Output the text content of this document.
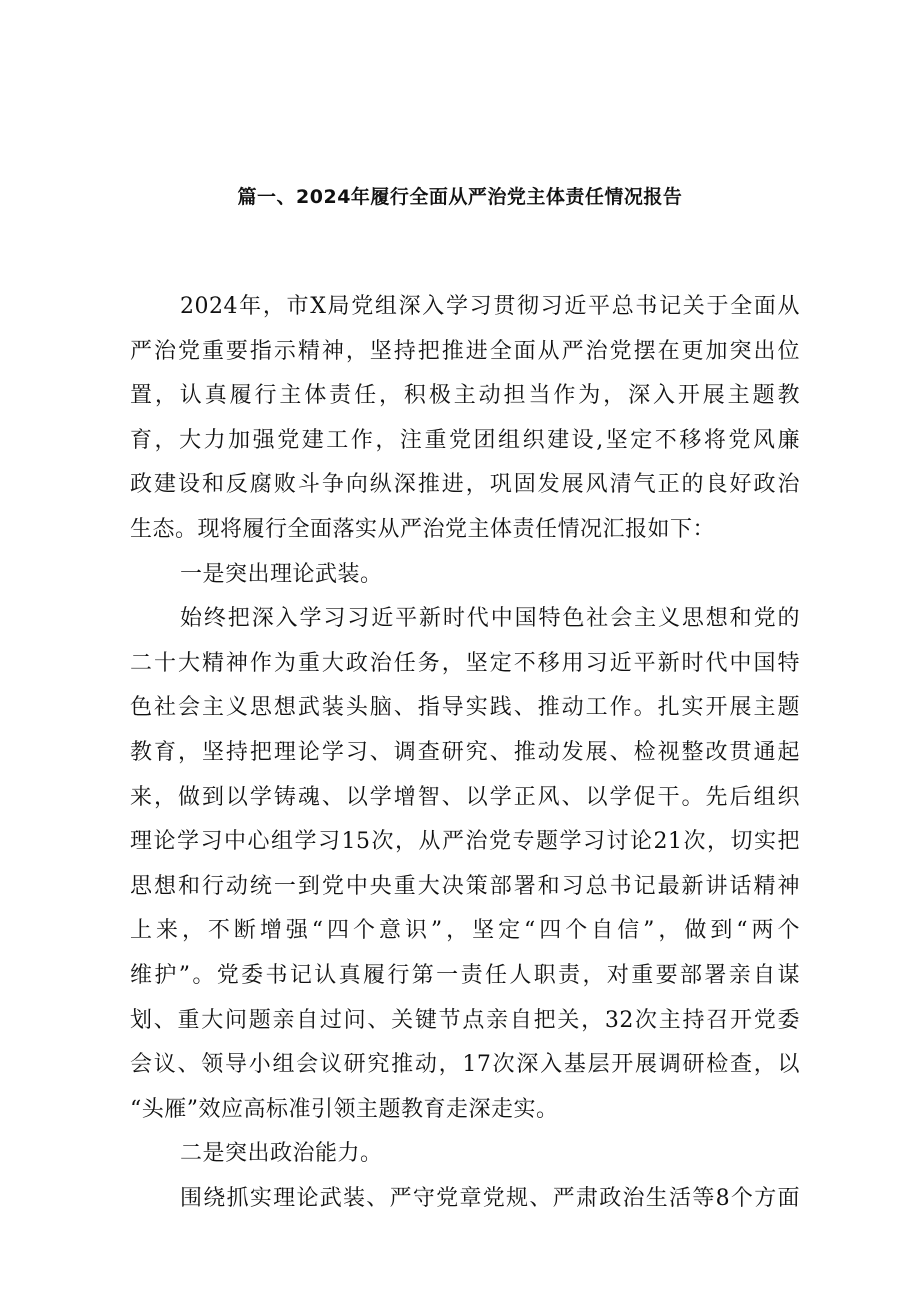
篇一、2024年履行全面从严治党主体责任情况报告
2024年，市X局党组深入学习贯彻习近平总书记关于全面从
严治党重要指示精神，坚持把推进全面从严治党摆在更加突出位
置，认真履行主体责任，积极主动担当作为，深入开展主题教
育，大力加强党建工作，注重党团组织建设,坚定不移将党风廉
政建设和反腐败斗争向纵深推进，巩固发展风清气正的良好政治
生态。现将履行全面落实从严治党主体责任情况汇报如下：
一是突出理论武装。
始终把深入学习习近平新时代中国特色社会主义思想和党的
二十大精神作为重大政治任务，坚定不移用习近平新时代中国特
色社会主义思想武装头脑、指导实践、推动工作。扎实开展主题
教育，坚持把理论学习、调查研究、推动发展、检视整改贯通起
来，做到以学铸魂、以学增智、以学正风、以学促干。先后组织
理论学习中心组学习15次，从严治党专题学习讨论21次，切实把
思想和行动统一到党中央重大决策部署和习总书记最新讲话精神
上来，不断增强“四个意识”，坚定“四个自信”，做到“两个
维护”。党委书记认真履行第一责任人职责，对重要部署亲自谋
划、重大问题亲自过问、关键节点亲自把关，32次主持召开党委
会议、领导小组会议研究推动，17次深入基层开展调研检查，以
“头雁”效应高标准引领主题教育走深走实。
二是突出政治能力。
围绕抓实理论武装、严守党章党规、严肃政治生活等8个方面
